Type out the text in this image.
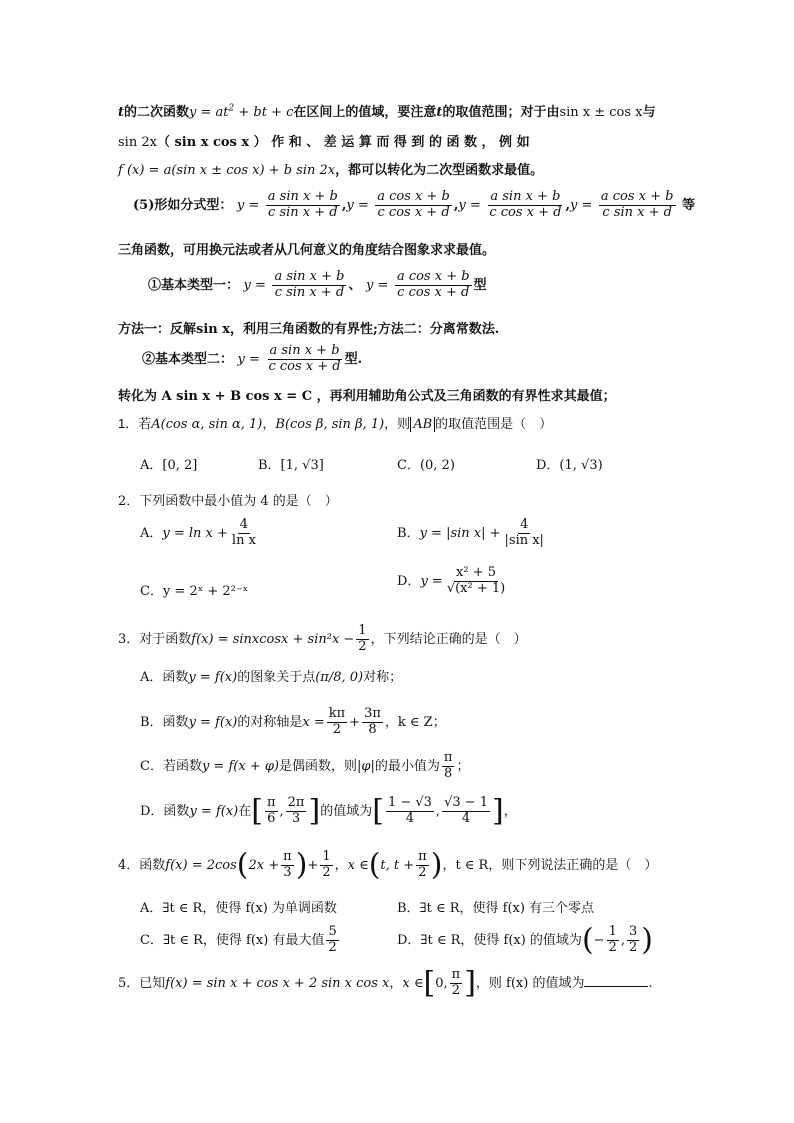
t的二次函数$y = at^2$ + bt + c在区间上的值域，要注意t的取值范围；对于由sin x ± cos x与
sin 2x（ sin x cos x ） 作 和 、 差 运 算 而 得 到 的 函 数 ， 例 如
f (x) = a(sin x ± cos x) + b sin 2x，都可以转化为二次型函数求最值。
(5)形如分式型： $y = \frac{\text{a sin x + b}}{\text{c sin x + d}} ,y = \frac{\text{a cos x + b}}{\text{c cos x + d}} ,y = \frac{\text{a sin x + b}}{\text{c cos x + d}} ,y = \frac{\text{a cos x + b}}{\text{c sin x + d}}$ 等
三角函数，可用换元法或者从几何意义的角度结合图象求求最值。
①基本类型一： $y = \frac{\text{a sin x + b}}{\text{c sin x + d}}$ 、 $y = \frac{\text{a cos x + b}}{\text{c cos x + d}}$ 型
方法一：反解sin x，利用三角函数的有界性;方法二：分离常数法.
②基本类型二： $y = \frac{\text{a sin x + b}}{\text{c cos x + d}}$ 型.
转化为 A sin x + B cos x = C ，再利用辅助角公式及三角函数的有界性求其最值；
1．若A(cos α, sin α, 1)，B(cos β, sin β, 1)，则 AB 的取值范围是（　）
A．[0, 2]	B．[1, √3]	C．(0, 2)	D．(1, √3)
2．下列函数中最小值为 4 的是（　）
A．$y = \ln x + \frac{4}{\text{ln x}}$	B．y = |sin $x| + \frac{4}{\text{|sin x|}}$
C．y = 2ˣ + 2²⁻ˣ
D．$y = \frac{\text{x² + 5}}{\text{√(x² + 1)}}$
3．对于函数f(x) = sinxcosx + $\sin^2x - \frac{1}{2}$ ，下列结论正确的是（　）
A．函数y = f(x)的图象关于点(π/8, 0)对称；
B．函数y = f(x)的对称轴是$x = \frac{k\pi}{2} + \frac{3\pi}{8}$ ，k ∈ Z；
C．若函数y = f(x + φ)是偶函数，则|φ|的最小值为 $\frac{\pi}{8}$ ；
D．函数y = f(x)在[ $\frac{\pi}{6}$ , $\frac{2\pi}{3}$ ]的值域为[ $\frac{1 - √3}{4}$ , $\frac{√3 - 1}{4}$ ]，
4．函数$f(x) = 2\cos(2x + \frac{\pi}{3}$ )+ $\frac{1}{2}$ ，x ∈(t, $t + \frac{\pi}{2}$ )，t ∈ R，则下列说法正确的是（　）
A．∃t ∈ R，使得 f(x) 为单调函数	B．∃t ∈ R，使得 f(x) 有三个零点
C．∃t ∈ R，使得 f(x) 有最大值 $\frac{5}{2}$	D．∃t ∈ R，使得 f(x) 的值域为(− $\frac{1}{2}$ , $\frac{3}{2}$ )
5．已知f(x) = sin x + cos x + 2 sin x cos x，x ∈[0, $\frac{\pi}{2}$ ]，则 f(x) 的值域为	.
